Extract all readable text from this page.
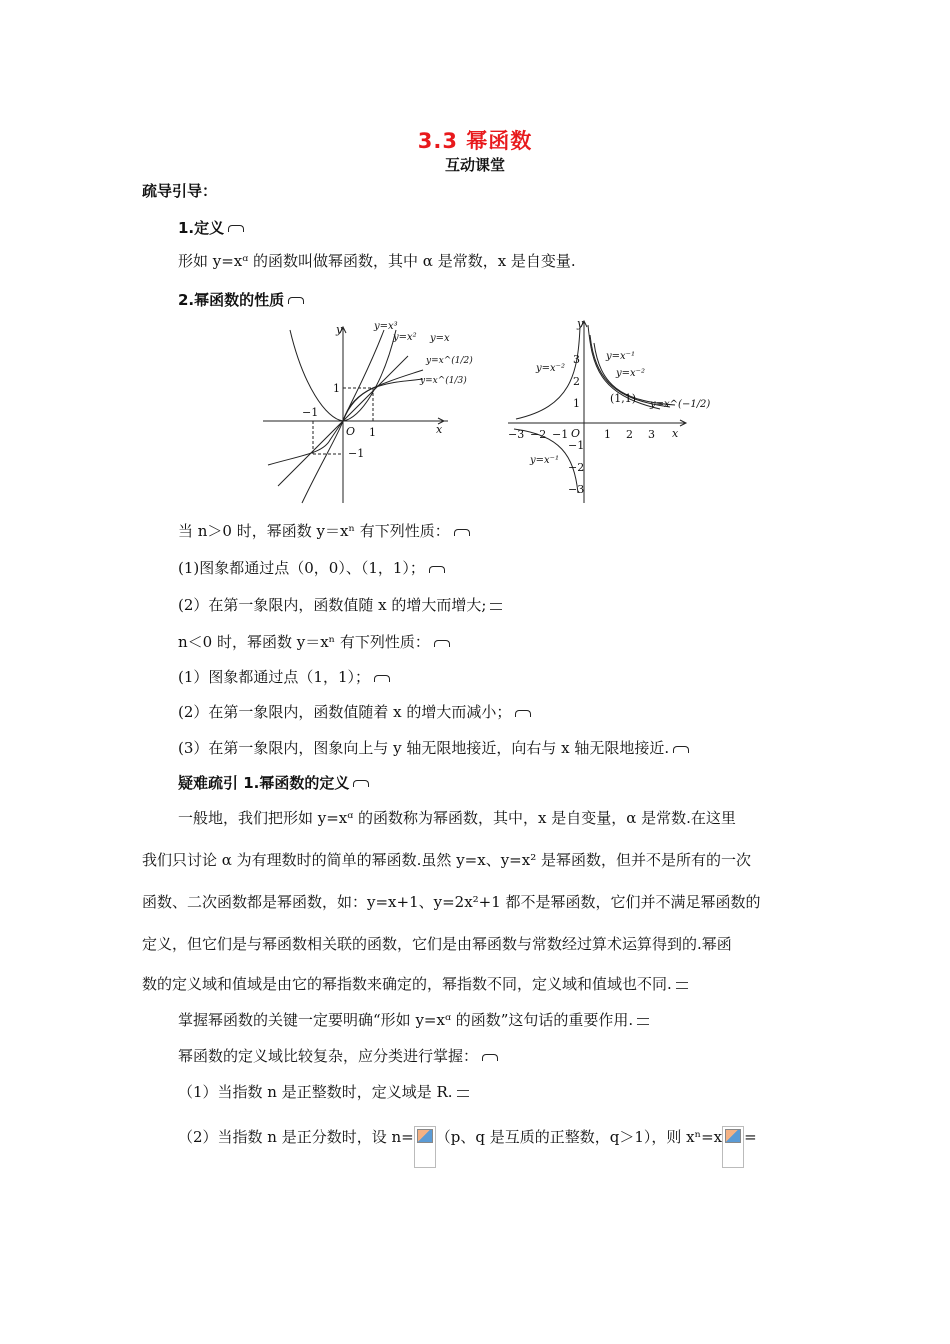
3.3 幂函数
互动课堂
疏导引导：
1.定义
形如 y=xᵅ 的函数叫做幂函数，其中 α 是常数，x 是自变量.
2.幂函数的性质
y
x
O 1
1
−1
−1
y=x³
y=x² y=x
y=x^(1/2)
y=x^(1/3)
y
x
O
(1,1)
−3 −2 −1	1 2 3
3
2
1
−1
−2
−3
y=x⁻²
y=x⁻¹
y=x⁻²
y=x^(−1/2)
y=x⁻¹
当 n＞0 时，幂函数 y＝xⁿ 有下列性质：
(1)图象都通过点（0，0）、（1，1）；
(2）在第一象限内，函数值随 x 的增大而增大;
n＜0 时，幂函数 y＝xⁿ 有下列性质：
(1）图象都通过点（1，1）；
(2）在第一象限内，函数值随着 x 的增大而减小；
(3）在第一象限内，图象向上与 y 轴无限地接近，向右与 x 轴无限地接近.
疑难疏引 1.幂函数的定义
一般地，我们把形如 y=xᵅ 的函数称为幂函数，其中，x 是自变量，α 是常数.在这里
我们只讨论 α 为有理数时的简单的幂函数.虽然 y=x、y=x² 是幂函数，但并不是所有的一次
函数、二次函数都是幂函数，如：y=x+1、y=2x²+1 都不是幂函数，它们并不满足幂函数的
定义，但它们是与幂函数相关联的函数，它们是由幂函数与常数经过算术运算得到的.幂函
数的定义域和值域是由它的幂指数来确定的，幂指数不同，定义域和值域也不同.
掌握幂函数的关键一定要明确“形如 y=xᵅ 的函数”这句话的重要作用.
幂函数的定义域比较复杂，应分类进行掌握：
（1）当指数 n 是正整数时，定义域是 R.
（2）当指数 n 是正分数时，设 n= （p、q 是互质的正整数，q＞1），则 xⁿ=x =
